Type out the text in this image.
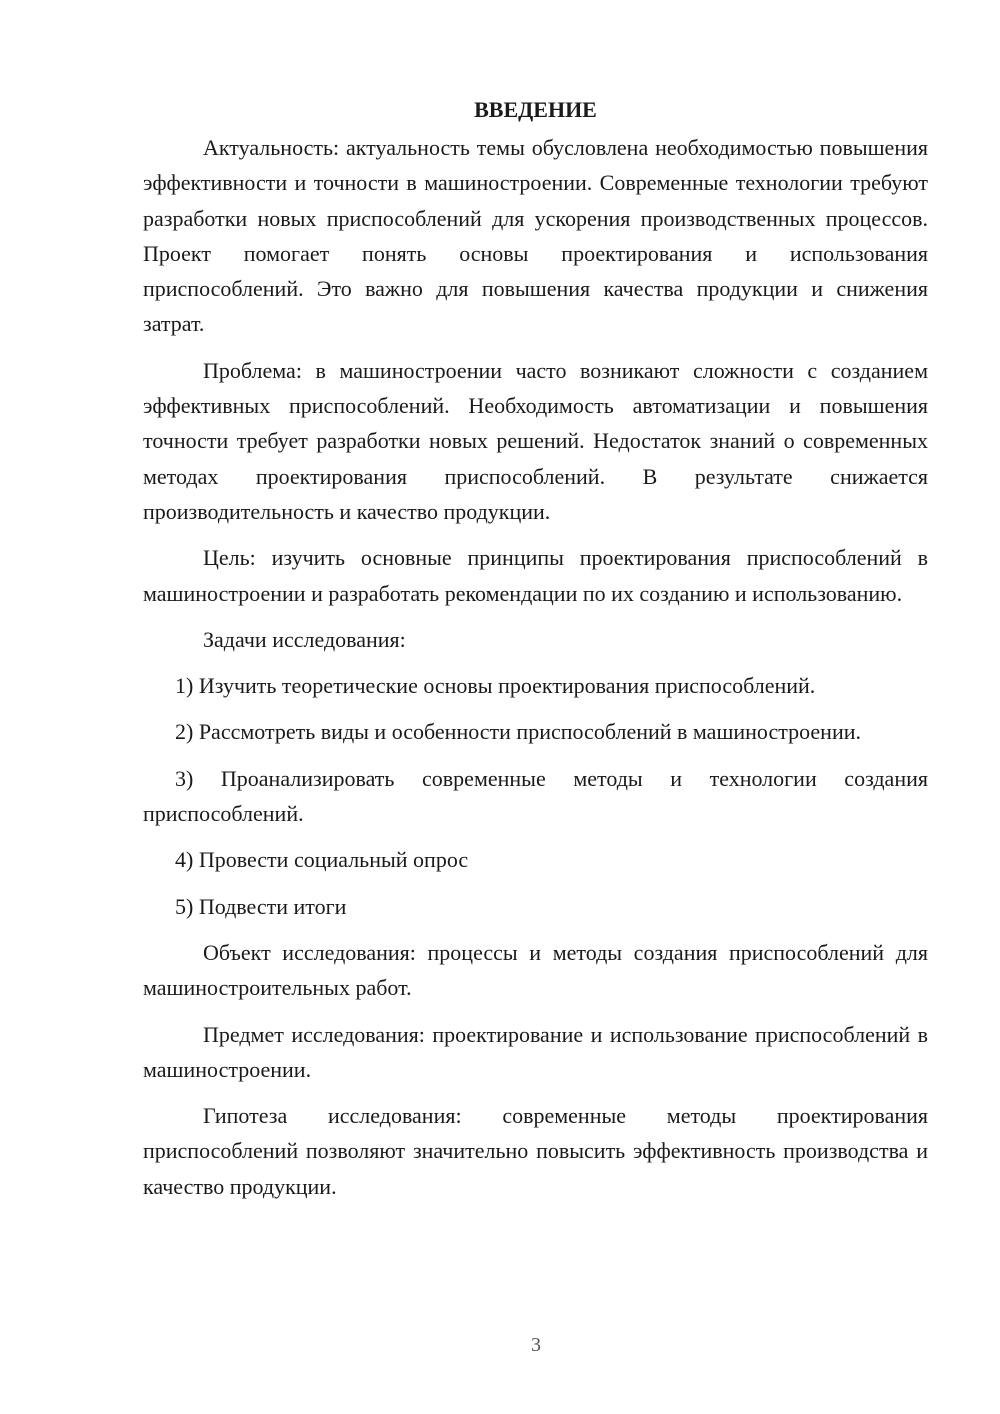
ВВЕДЕНИЕ

Актуальность: актуальность темы обусловлена необходимостью повышения эффективности и точности в машиностроении. Современные технологии требуют разработки новых приспособлений для ускорения производственных процессов. Проект помогает понять основы проектирования и использования приспособлений. Это важно для повышения качества продукции и снижения затрат.

Проблема: в машиностроении часто возникают сложности с созданием эффективных приспособлений. Необходимость автоматизации и повышения точности требует разработки новых решений. Недостаток знаний о современных методах проектирования приспособлений. В результате снижается производительность и качество продукции.

Цель: изучить основные принципы проектирования приспособлений в машиностроении и разработать рекомендации по их созданию и использованию.

Задачи исследования:

1) Изучить теоретические основы проектирования приспособлений.

2) Рассмотреть виды и особенности приспособлений в машиностроении.

3) Проанализировать современные методы и технологии создания приспособлений.

4) Провести социальный опрос

5) Подвести итоги

Объект исследования: процессы и методы создания приспособлений для машиностроительных работ.

Предмет исследования: проектирование и использование приспособлений в машиностроении.

Гипотеза исследования: современные методы проектирования приспособлений позволяют значительно повысить эффективность производства и качество продукции.

3
